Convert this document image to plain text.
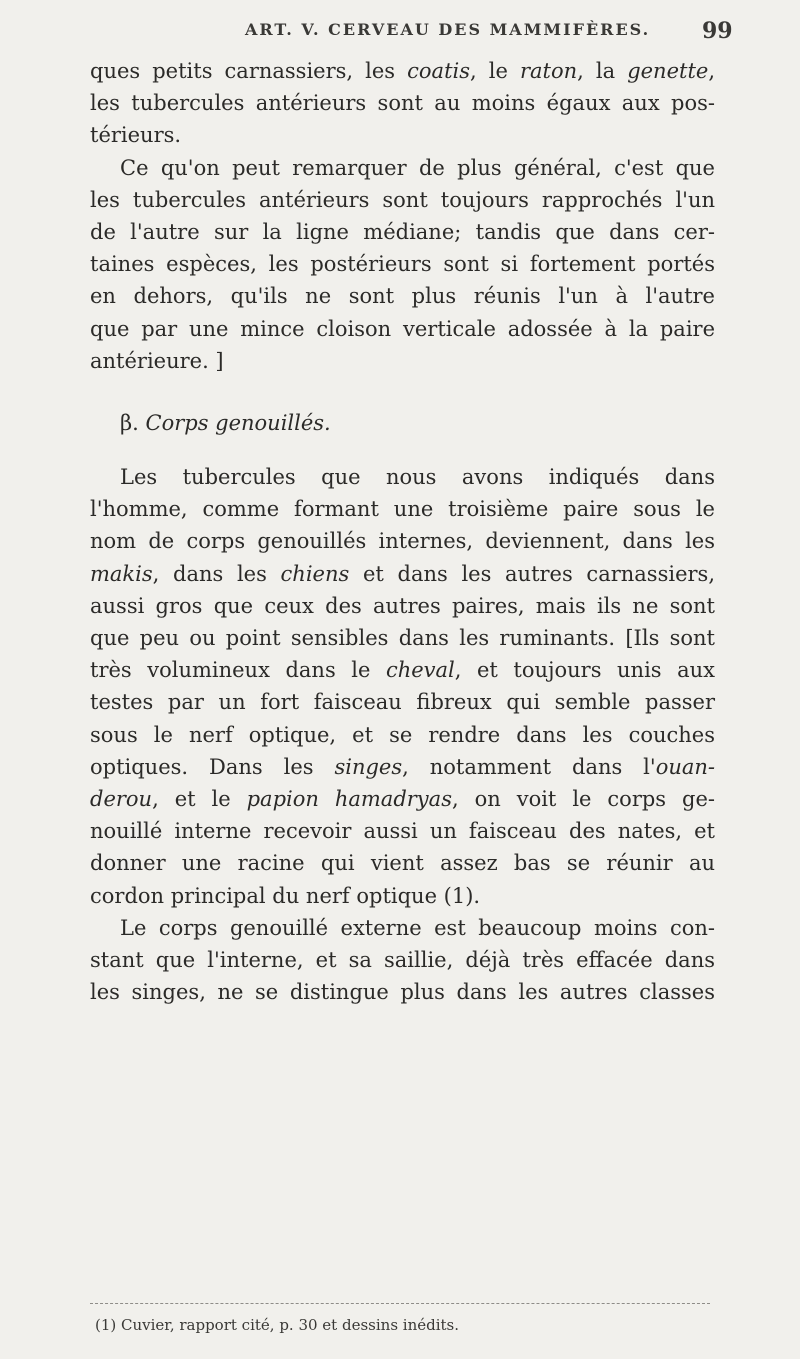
ART. V. CERVEAU DES MAMMIFÈRES. 99
ques petits carnassiers, les coatis, le raton, la genette,
les tubercules antérieurs sont au moins égaux aux pos-
térieurs.
Ce qu'on peut remarquer de plus général, c'est que
les tubercules antérieurs sont toujours rapprochés l'un
de l'autre sur la ligne médiane; tandis que dans cer-
taines espèces, les postérieurs sont si fortement portés
en dehors, qu'ils ne sont plus réunis l'un à l'autre
que par une mince cloison verticale adossée à la paire
antérieure. ]
β. Corps genouillés.
Les tubercules que nous avons indiqués dans
l'homme, comme formant une troisième paire sous le
nom de corps genouillés internes, deviennent, dans les
makis, dans les chiens et dans les autres carnassiers,
aussi gros que ceux des autres paires, mais ils ne sont
que peu ou point sensibles dans les ruminants. [Ils sont
très volumineux dans le cheval, et toujours unis aux
testes par un fort faisceau fibreux qui semble passer
sous le nerf optique, et se rendre dans les couches
optiques. Dans les singes, notamment dans l'ouan-
derou, et le papion hamadryas, on voit le corps ge-
nouillé interne recevoir aussi un faisceau des nates, et
donner une racine qui vient assez bas se réunir au
cordon principal du nerf optique (1).
Le corps genouillé externe est beaucoup moins con-
stant que l'interne, et sa saillie, déjà très effacée dans
les singes, ne se distingue plus dans les autres classes
(1) Cuvier, rapport cité, p. 30 et dessins inédits.
